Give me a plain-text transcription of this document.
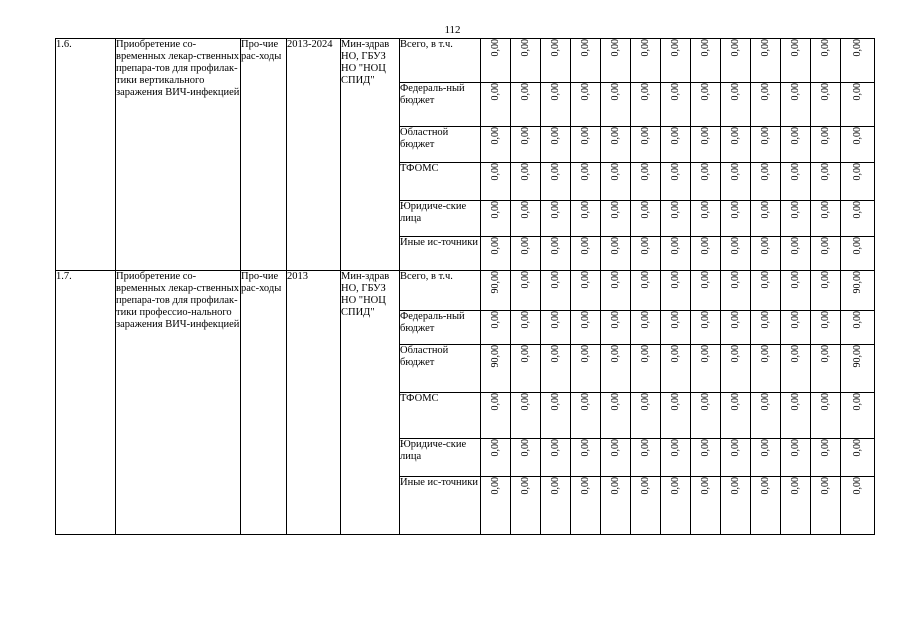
112
1.6.	Приобретение со-временных лекар-ственных препара-тов для профилак-тики вертикального заражения ВИЧ-инфекцией	Про-чие рас-ходы	2013-2024	Мин-здрав НО, ГБУЗ НО "НОЦ СПИД"	Всего, в т.ч.	0,00	0,00	0,00	0,00	0,00	0,00	0,00	0,00	0,00	0,00	0,00	0,00	0,00
					Федераль-ный бюджет	0,00	0,00	0,00	0,00	0,00	0,00	0,00	0,00	0,00	0,00	0,00	0,00	0,00
					Областной бюджет	0,00	0,00	0,00	0,00	0,00	0,00	0,00	0,00	0,00	0,00	0,00	0,00	0,00
					ТФОМС	0,00	0,00	0,00	0,00	0,00	0,00	0,00	0,00	0,00	0,00	0,00	0,00	0,00
					Юридиче-ские лица	0,00	0,00	0,00	0,00	0,00	0,00	0,00	0,00	0,00	0,00	0,00	0,00	0,00
					Иные ис-точники	0,00	0,00	0,00	0,00	0,00	0,00	0,00	0,00	0,00	0,00	0,00	0,00	0,00
1.7.	Приобретение со-временных лекар-ственных препара-тов для профилак-тики профессио-нального заражения ВИЧ-инфекцией	Про-чие рас-ходы	2013	Мин-здрав НО, ГБУЗ НО "НОЦ СПИД"	Всего, в т.ч.	90,00	0,00	0,00	0,00	0,00	0,00	0,00	0,00	0,00	0,00	0,00	0,00	90,00
					Федераль-ный бюджет	0,00	0,00	0,00	0,00	0,00	0,00	0,00	0,00	0,00	0,00	0,00	0,00	0,00
					Областной бюджет	90,00	0,00	0,00	0,00	0,00	0,00	0,00	0,00	0,00	0,00	0,00	0,00	90,00
					ТФОМС	0,00	0,00	0,00	0,00	0,00	0,00	0,00	0,00	0,00	0,00	0,00	0,00	0,00
					Юридиче-ские лица	0,00	0,00	0,00	0,00	0,00	0,00	0,00	0,00	0,00	0,00	0,00	0,00	0,00
					Иные ис-точники	0,00	0,00	0,00	0,00	0,00	0,00	0,00	0,00	0,00	0,00	0,00	0,00	0,00
